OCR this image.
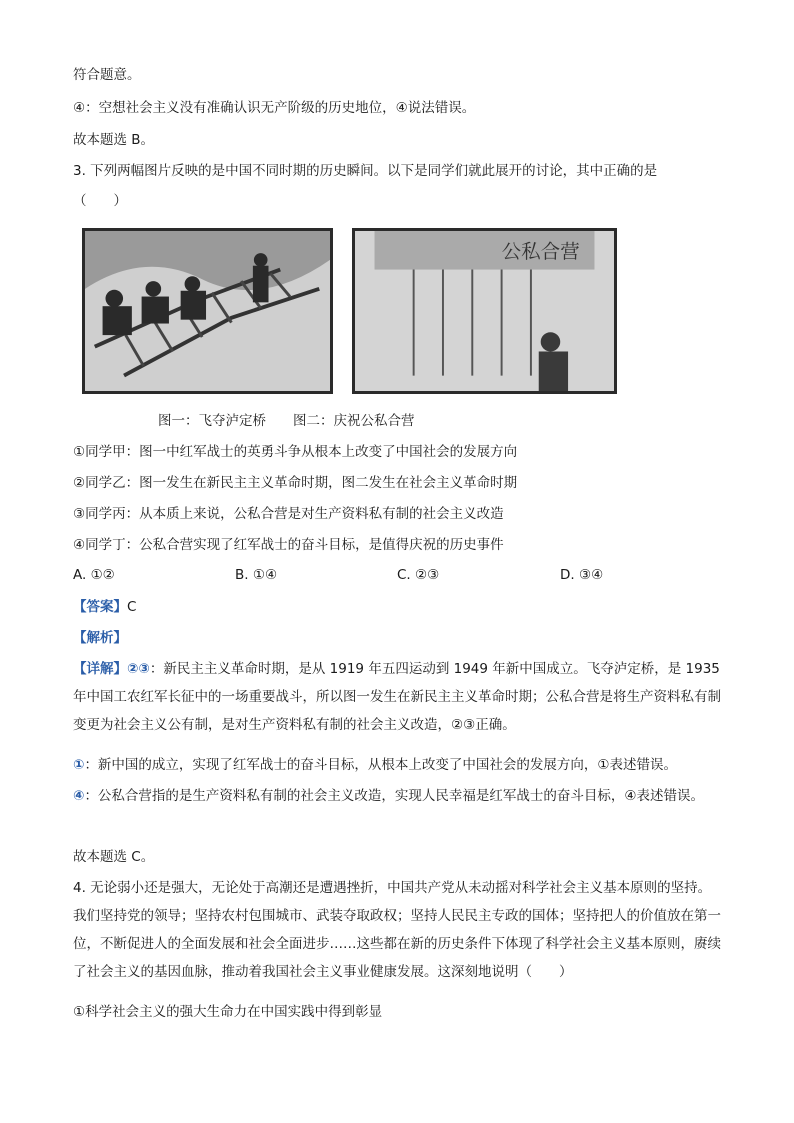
符合题意。
④：空想社会主义没有准确认识无产阶级的历史地位，④说法错误。
故本题选 B。
3. 下列两幅图片反映的是中国不同时期的历史瞬间。以下是同学们就此展开的讨论，其中正确的是
（　　）
公私合营
图一：飞夺泸定桥　　图二：庆祝公私合营
①同学甲：图一中红军战士的英勇斗争从根本上改变了中国社会的发展方向
②同学乙：图一发生在新民主主义革命时期，图二发生在社会主义革命时期
③同学丙：从本质上来说，公私合营是对生产资料私有制的社会主义改造
④同学丁：公私合营实现了红军战士的奋斗目标，是值得庆祝的历史事件
A. ①②	B. ①④	C. ②③	D. ③④
【答案】C
【解析】
【详解】②③：新民主主义革命时期，是从 1919 年五四运动到 1949 年新中国成立。飞夺泸定桥，是 1935 年中国工农红军长征中的一场重要战斗，所以图一发生在新民主主义革命时期；公私合营是将生产资料私有制变更为社会主义公有制，是对生产资料私有制的社会主义改造，②③正确。
①：新中国的成立，实现了红军战士的奋斗目标，从根本上改变了中国社会的发展方向，①表述错误。
④：公私合营指的是生产资料私有制的社会主义改造，实现人民幸福是红军战士的奋斗目标，④表述错误。
故本题选 C。
4. 无论弱小还是强大，无论处于高潮还是遭遇挫折，中国共产党从未动摇对科学社会主义基本原则的坚持。我们坚持党的领导；坚持农村包围城市、武装夺取政权；坚持人民民主专政的国体；坚持把人的价值放在第一位，不断促进人的全面发展和社会全面进步……这些都在新的历史条件下体现了科学社会主义基本原则，赓续了社会主义的基因血脉，推动着我国社会主义事业健康发展。这深刻地说明（　　）
①科学社会主义的强大生命力在中国实践中得到彰显
